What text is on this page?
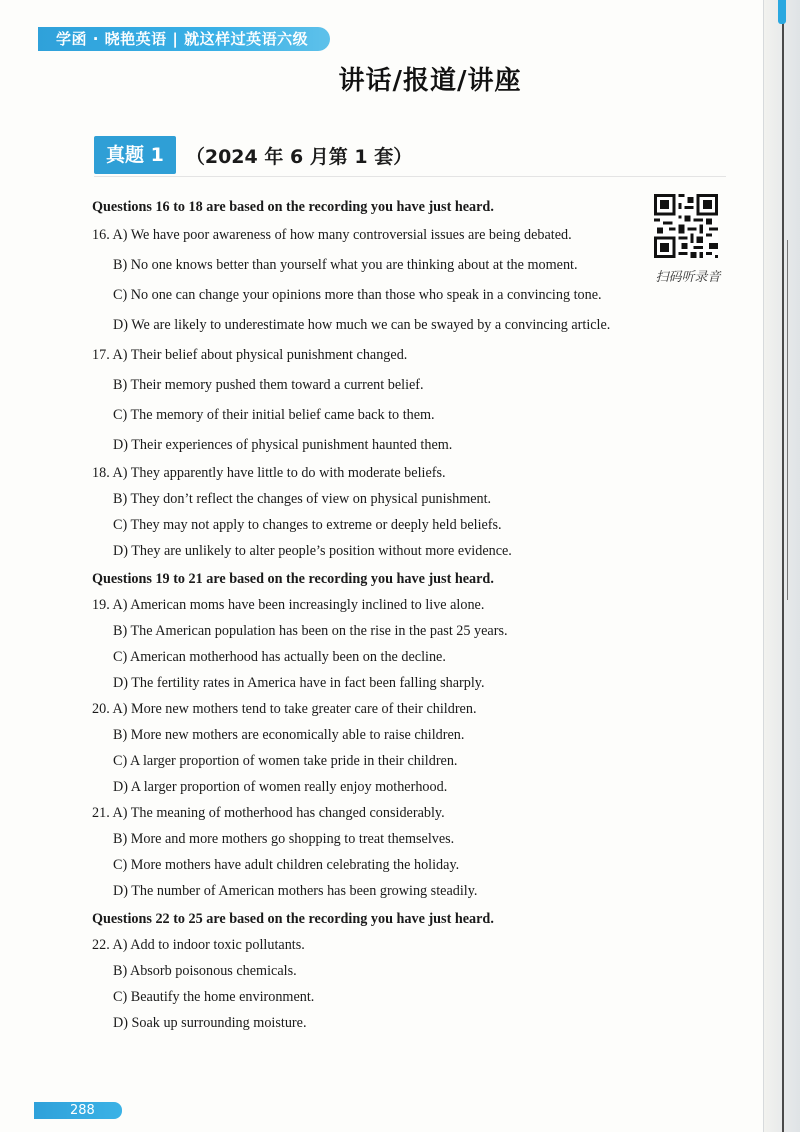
学函 · 晓艳英语 | 就这样过英语六级
讲话/报道/讲座
真题 1	（2024 年 6 月第 1 套）
扫码听录音
Questions 16 to 18 are based on the recording you have just heard.
16. A) We have poor awareness of how many controversial issues are being debated.
B) No one knows better than yourself what you are thinking about at the moment.
C) No one can change your opinions more than those who speak in a convincing tone.
D) We are likely to underestimate how much we can be swayed by a convincing article.
17. A) Their belief about physical punishment changed.
B) Their memory pushed them toward a current belief.
C) The memory of their initial belief came back to them.
D) Their experiences of physical punishment haunted them.
18. A) They apparently have little to do with moderate beliefs.
B) They don’t reflect the changes of view on physical punishment.
C) They may not apply to changes to extreme or deeply held beliefs.
D) They are unlikely to alter people’s position without more evidence.
Questions 19 to 21 are based on the recording you have just heard.
19. A) American moms have been increasingly inclined to live alone.
B) The American population has been on the rise in the past 25 years.
C) American motherhood has actually been on the decline.
D) The fertility rates in America have in fact been falling sharply.
20. A) More new mothers tend to take greater care of their children.
B) More new mothers are economically able to raise children.
C) A larger proportion of women take pride in their children.
D) A larger proportion of women really enjoy motherhood.
21. A) The meaning of motherhood has changed considerably.
B) More and more mothers go shopping to treat themselves.
C) More mothers have adult children celebrating the holiday.
D) The number of American mothers has been growing steadily.
Questions 22 to 25 are based on the recording you have just heard.
22. A) Add to indoor toxic pollutants.
B) Absorb poisonous chemicals.
C) Beautify the home environment.
D) Soak up surrounding moisture.
288
